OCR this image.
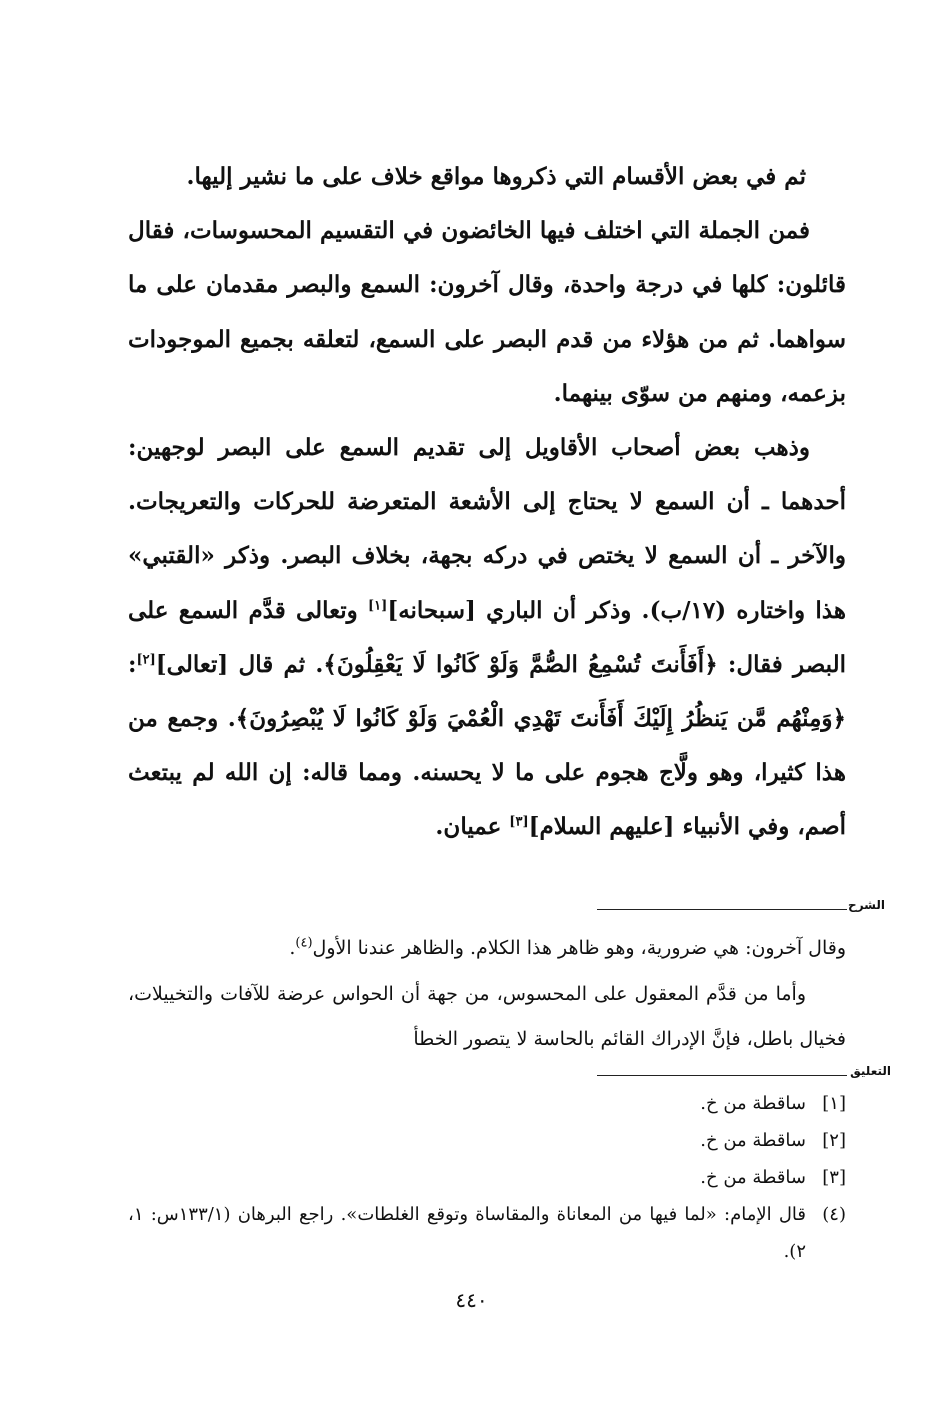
ثم في بعض الأقسام التي ذكروها مواقع خلاف على ما نشير إليها.

فمن الجملة التي اختلف فيها الخائضون في التقسيم المحسوسات، فقال قائلون: كلها في درجة واحدة، وقال آخرون: السمع والبصر مقدمان على ما سواهما. ثم من هؤلاء من قدم البصر على السمع، لتعلقه بجميع الموجودات بزعمه، ومنهم من سوّى بينهما.

وذهب بعض أصحاب الأقاويل إلى تقديم السمع على البصر لوجهين: أحدهما ـ أن السمع لا يحتاج إلى الأشعة المتعرضة للحركات والتعريجات. والآخر ـ أن السمع لا يختص في دركه بجهة، بخلاف البصر. وذكر «القتبي» هذا واختاره (١٧/ب). وذكر أن الباري [سبحانه][١] وتعالى قدَّم السمع على البصر فقال: ﴿أَفَأَنتَ تُسْمِعُ الصُّمَّ وَلَوْ كَانُوا لَا يَعْقِلُونَ﴾. ثم قال [تعالى][٢]: ﴿وَمِنْهُم مَّن يَنظُرُ إِلَيْكَ أَفَأَنتَ تَهْدِي الْعُمْيَ وَلَوْ كَانُوا لَا يُبْصِرُونَ﴾. وجمع من هذا كثيرا، وهو ولَّاج هجوم على ما لا يحسنه. ومما قاله: إن الله لم يبتعث أصم، وفي الأنبياء [عليهم السلام][٣] عميان.

الشرح

وقال آخرون: هي ضرورية، وهو ظاهر هذا الكلام. والظاهر عندنا الأول$^{(٤)}$.

وأما من قدَّم المعقول على المحسوس، من جهة أن الحواس عرضة للآفات والتخييلات، فخيال باطل، فإنَّ الإدراك القائم بالحاسة لا يتصور الخطأ

التعليق
[١]
ساقطة من خ.
[٢]
ساقطة من خ.
[٣]
ساقطة من خ.
(٤)
قال الإمام: «لما فيها من المعاناة والمقاساة وتوقع الغلطات». راجع البرهان (١٣٣/١س: ١، ٢).
٤٤٠
